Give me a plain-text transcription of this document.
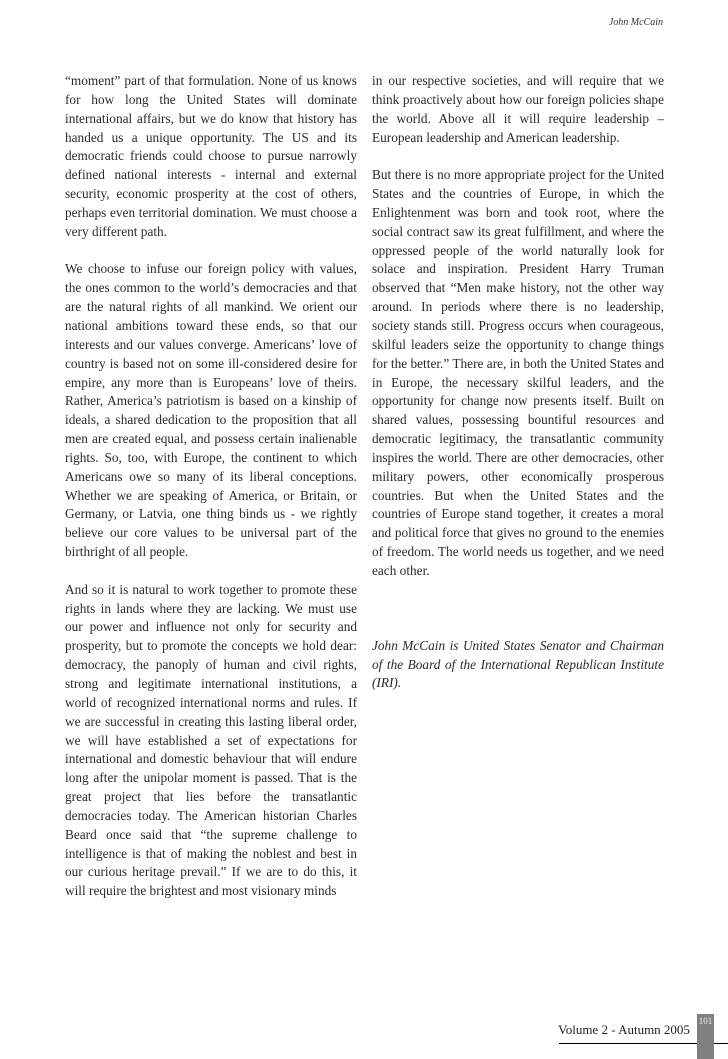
John McCain

“moment” part of that formulation. None of us knows for how long the United States will dominate international affairs, but we do know that history has handed us a unique opportunity. The US and its democratic friends could choose to pursue narrowly defined national interests - internal and external security, economic prosperity at the cost of others, perhaps even territorial domination. We must choose a very different path.

We choose to infuse our foreign policy with values, the ones common to the world’s democracies and that are the natural rights of all mankind. We orient our national ambitions toward these ends, so that our interests and our values converge. Americans’ love of country is based not on some ill-considered desire for empire, any more than is Europeans’ love of theirs. Rather, America’s patriotism is based on a kinship of ideals, a shared dedication to the proposition that all men are created equal, and possess certain inalienable rights. So, too, with Europe, the continent to which Americans owe so many of its liberal conceptions. Whether we are speaking of America, or Britain, or Germany, or Latvia, one thing binds us - we rightly believe our core values to be universal part of the birthright of all people.

And so it is natural to work together to promote these rights in lands where they are lacking. We must use our power and influence not only for security and prosperity, but to promote the concepts we hold dear: democracy, the panoply of human and civil rights, strong and legitimate international institutions, a world of recognized international norms and rules. If we are successful in creating this lasting liberal order, we will have established a set of expectations for international and domestic behaviour that will endure long after the unipolar moment is passed. That is the great project that lies before the transatlantic democracies today. The American historian Charles Beard once said that “the supreme challenge to intelligence is that of making the noblest and best in our curious heritage prevail.” If we are to do this, it will require the brightest and most visionary minds

in our respective societies, and will require that we think proactively about how our foreign policies shape the world. Above all it will require leadership – European leadership and American leadership.

But there is no more appropriate project for the United States and the countries of Europe, in which the Enlightenment was born and took root, where the social contract saw its great fulfillment, and where the oppressed people of the world naturally look for solace and inspiration. President Harry Truman observed that “Men make history, not the other way around. In periods where there is no leadership, society stands still. Progress occurs when courageous, skilful leaders seize the opportunity to change things for the better.” There are, in both the United States and in Europe, the necessary skilful leaders, and the opportunity for change now presents itself. Built on shared values, possessing bountiful resources and democratic legitimacy, the transatlantic community inspires the world. There are other democracies, other military powers, other economically prosperous countries. But when the United States and the countries of Europe stand together, it creates a moral and political force that gives no ground to the enemies of freedom. The world needs us together, and we need each other.

John McCain is United States Senator and Chairman of the Board of the International Republican Institute (IRI).

Volume 2 - Autumn 2005
101
